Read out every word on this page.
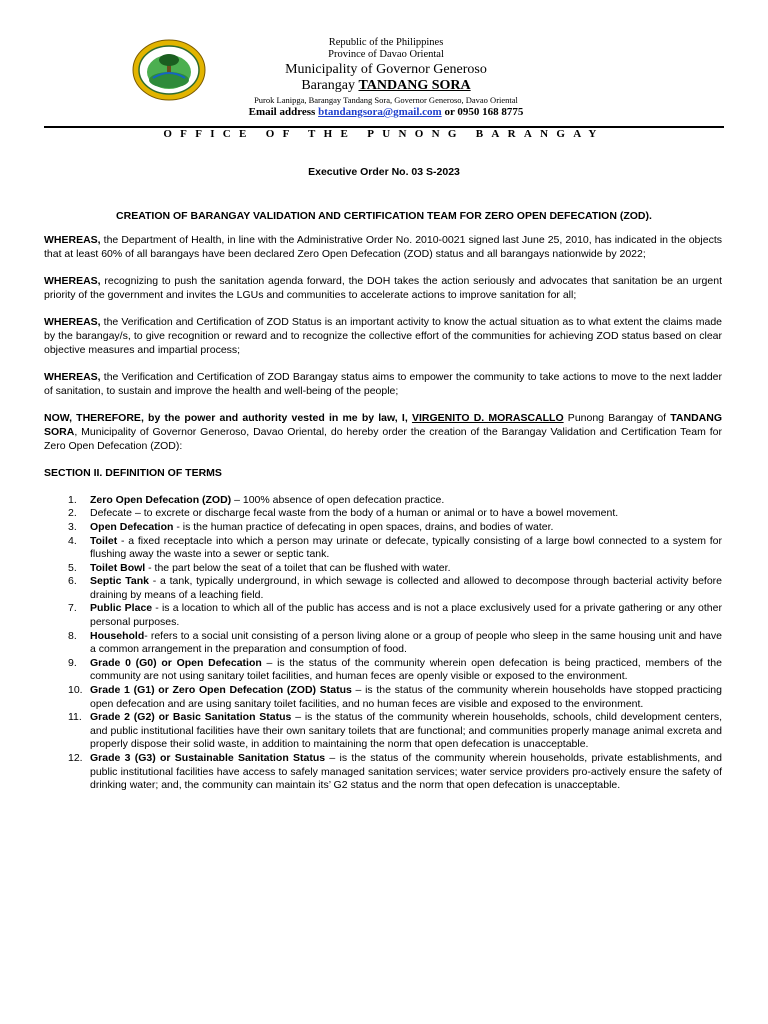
Republic of the Philippines
Province of Davao Oriental
Municipality of Governor Generoso
Barangay TANDANG SORA
Purok Lanipga, Barangay Tandang Sora, Governor Generoso, Davao Oriental
Email address btandangsora@gmail.com or 0950 168 8775
OFFICE OF THE PUNONG BARANGAY
Executive Order No. 03 S-2023
CREATION OF BARANGAY VALIDATION AND CERTIFICATION TEAM FOR ZERO OPEN DEFECATION (ZOD).

WHEREAS, the Department of Health, in line with the Administrative Order No. 2010-0021 signed last June 25, 2010, has indicated in the objects that at least 60% of all barangays have been declared Zero Open Defecation (ZOD) status and all barangays nationwide by 2022;

WHEREAS, recognizing to push the sanitation agenda forward, the DOH takes the action seriously and advocates that sanitation be an urgent priority of the government and invites the LGUs and communities to accelerate actions to improve sanitation for all;

WHEREAS, the Verification and Certification of ZOD Status is an important activity to know the actual situation as to what extent the claims made by the barangay/s, to give recognition or reward and to recognize the collective effort of the communities for achieving ZOD status based on clear objective measures and impartial process;

WHEREAS, the Verification and Certification of ZOD Barangay status aims to empower the community to take actions to move to the next ladder of sanitation, to sustain and improve the health and well-being of the people;

NOW, THEREFORE, by the power and authority vested in me by law, I, VIRGENITO D. MORASCALLO Punong Barangay of TANDANG SORA, Municipality of Governor Generoso, Davao Oriental, do hereby order the creation of the Barangay Validation and Certification Team for Zero Open Defecation (ZOD):

SECTION II. DEFINITION OF TERMS
1. Zero Open Defecation (ZOD) – 100% absence of open defecation practice.
2. Defecate – to excrete or discharge fecal waste from the body of a human or animal or to have a bowel movement.
3. Open Defecation - is the human practice of defecating in open spaces, drains, and bodies of water.
4. Toilet - a fixed receptacle into which a person may urinate or defecate, typically consisting of a large bowl connected to a system for flushing away the waste into a sewer or septic tank.
5. Toilet Bowl - the part below the seat of a toilet that can be flushed with water.
6. Septic Tank - a tank, typically underground, in which sewage is collected and allowed to decompose through bacterial activity before draining by means of a leaching field.
7. Public Place - is a location to which all of the public has access and is not a place exclusively used for a private gathering or any other personal purposes.
8. Household- refers to a social unit consisting of a person living alone or a group of people who sleep in the same housing unit and have a common arrangement in the preparation and consumption of food.
9. Grade 0 (G0) or Open Defecation – is the status of the community wherein open defecation is being practiced, members of the community are not using sanitary toilet facilities, and human feces are openly visible or exposed to the environment.
10. Grade 1 (G1) or Zero Open Defecation (ZOD) Status – is the status of the community wherein households have stopped practicing open defecation and are using sanitary toilet facilities, and no human feces are visible and exposed to the environment.
11. Grade 2 (G2) or Basic Sanitation Status – is the status of the community wherein households, schools, child development centers, and public institutional facilities have their own sanitary toilets that are functional; and communities properly manage animal excreta and properly dispose their solid waste, in addition to maintaining the norm that open defecation is unacceptable.
12. Grade 3 (G3) or Sustainable Sanitation Status – is the status of the community wherein households, private establishments, and public institutional facilities have access to safely managed sanitation services; water service providers pro-actively ensure the safety of drinking water; and, the community can maintain its’ G2 status and the norm that open defecation is unacceptable.
